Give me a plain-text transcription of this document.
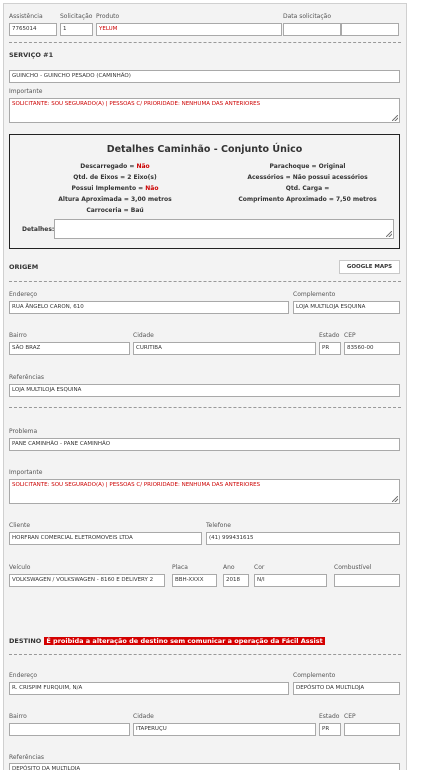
Assistência
7765014
Solicitação
1
Produto
YELUM
Data solicitação
SERVIÇO #1
GUINCHO - GUINCHO PESADO (CAMINHÃO)
Importante
SOLICITANTE: SOU SEGURADO(A) | PESSOAS C/ PRIORIDADE: NENHUMA DAS ANTERIORES
Detalhes Caminhão - Conjunto Único
Descarregado = Não
Qtd. de Eixos = 2 Eixo(s)
Possui Implemento = Não
Altura Aproximada = 3,00 metros
Carroceria = Baú
Parachoque = Original
Acessórios = Não possui acessórios
Qtd. Carga =
Comprimento Aproximado = 7,50 metros
Detalhes:
ORIGEM	GOOGLE MAPS
Endereço
RUA ÂNGELO CARON, 610
Complemento
LOJA MULTILOJA ESQUINA
Bairro
SÃO BRAZ
Cidade
CURITIBA
Estado
PR
CEP
83560-00
Referências
LOJA MULTILOJA ESQUINA
Problema
PANE CAMINHÃO - PANE CAMINHÃO
Importante
SOLICITANTE: SOU SEGURADO(A) | PESSOAS C/ PRIORIDADE: NENHUMA DAS ANTERIORES
Cliente
HORFRAN COMERCIAL ELETROMOVEIS LTDA
Telefone
(41) 999431615
Veículo
VOLKSWAGEN / VOLKSWAGEN - 8160 E DELIVERY 2
Placa
BBH-XXXX
Ano
2018
Cor
N/I
Combustível
DESTINO É proibida a alteração de destino sem comunicar a operação da Fácil Assist
Endereço
R. CRISPIM FURQUIM, N/A
Complemento
DEPÓSITO DA MULTILOJA
Bairro	Cidade
ITAPERUÇU
Estado
PR
CEP
Referências
DEPÓSITO DA MULTILOJA
